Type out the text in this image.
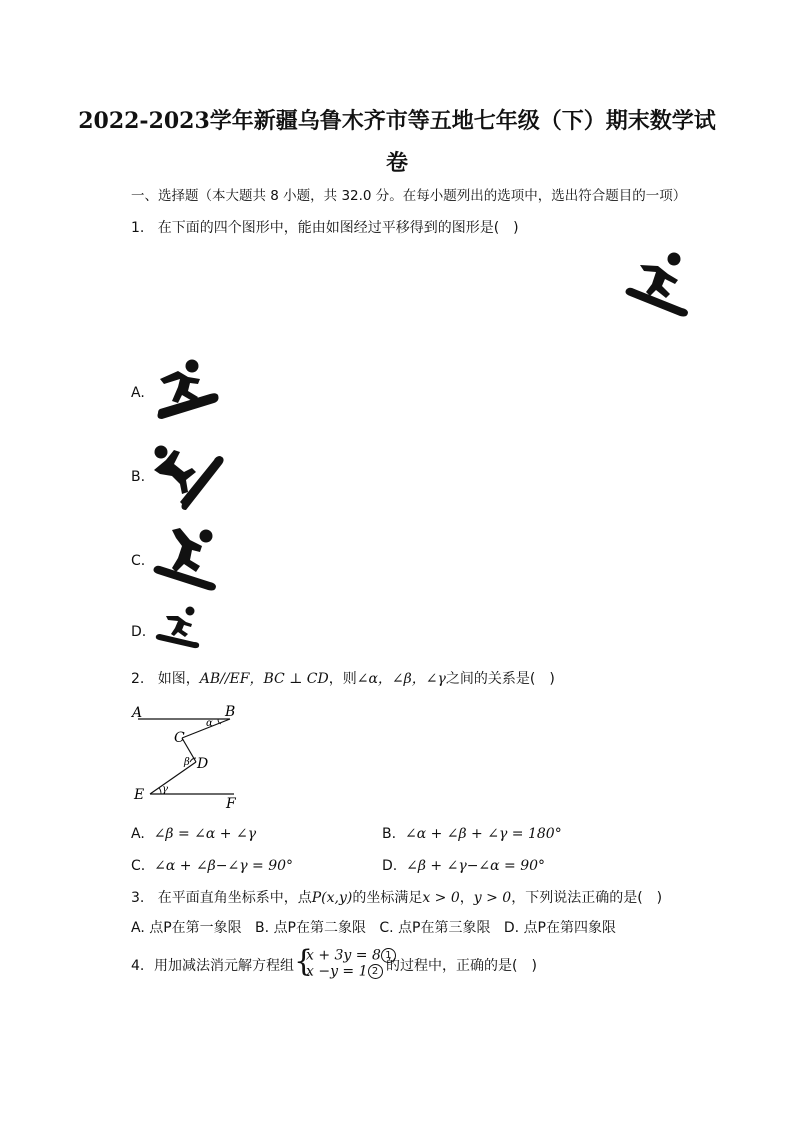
2022-2023学年新疆乌鲁木齐市等五地七年级（下）期末数学试
卷
一、选择题（本大题共 8 小题，共 32.0 分。在每小题列出的选项中，选出符合题目的一项）
1. 在下面的四个图形中，能由如图经过平移得到的图形是(　)
A.
B.
C.
D.
2. 如图，AB//EF，BC ⊥ CD，则∠α，∠β，∠γ之间的关系是(　)
A	B
C
D
E
F
α
β
γ
A. ∠β = ∠α + ∠γ	B. ∠α + ∠β + ∠γ = 180°
C. ∠α + ∠β−∠γ = 90°	D. ∠β + ∠γ−∠α = 90°
3. 在平面直角坐标系中，点P(x,y)的坐标满足x > 0，y > 0，下列说法正确的是(　)
A. 点P在第一象限 B. 点P在第二象限 C. 点P在第三象限 D. 点P在第四象限
4. 用加减法消元解方程组 {
x + 3y = 8 1
x −y = 1 2 的过程中，正确的是(　)
